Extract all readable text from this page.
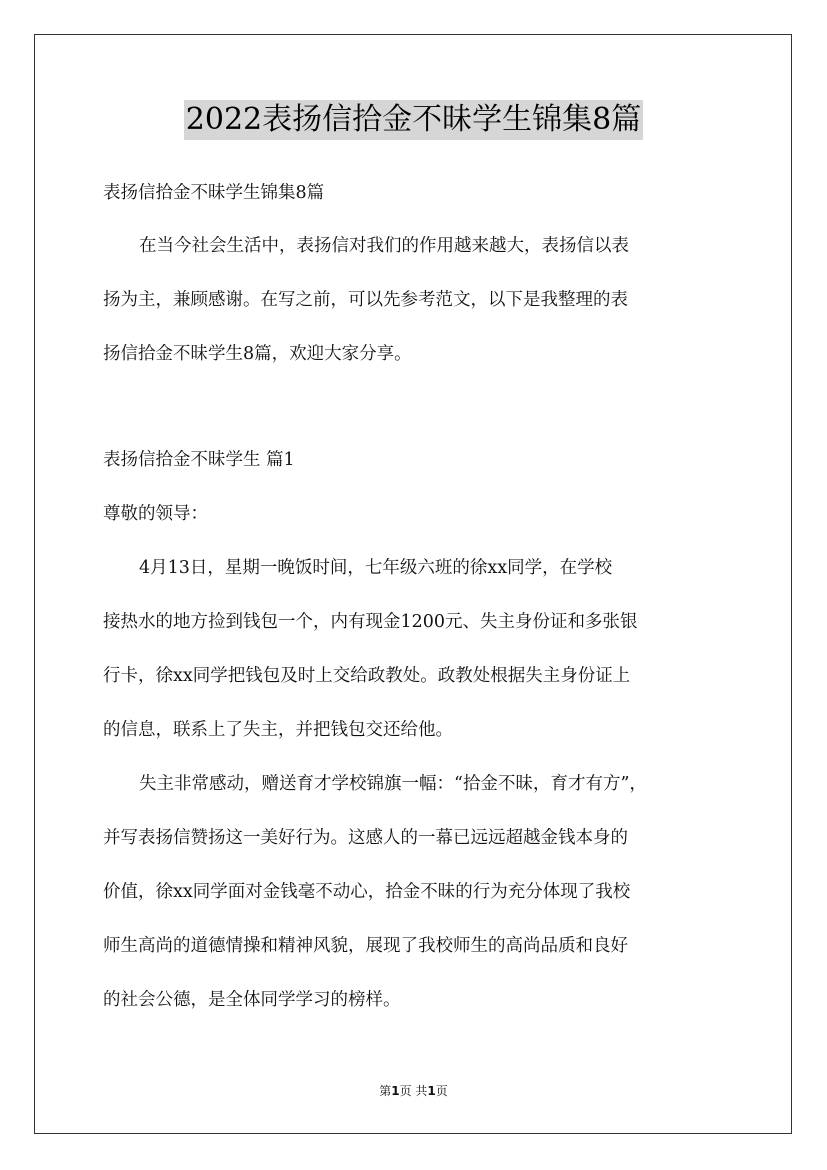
2022表扬信拾金不昧学生锦集8篇
表扬信拾金不昧学生锦集8篇
在当今社会生活中，表扬信对我们的作用越来越大，表扬信以表
扬为主，兼顾感谢。在写之前，可以先参考范文，以下是我整理的表
扬信拾金不昧学生8篇，欢迎大家分享。
表扬信拾金不昧学生 篇1
尊敬的领导：
4月13日，星期一晚饭时间，七年级六班的徐xx同学，在学校
接热水的地方捡到钱包一个，内有现金1200元、失主身份证和多张银
行卡，徐xx同学把钱包及时上交给政教处。政教处根据失主身份证上
的信息，联系上了失主，并把钱包交还给他。
失主非常感动，赠送育才学校锦旗一幅：“拾金不昧，育才有方”，
并写表扬信赞扬这一美好行为。这感人的一幕已远远超越金钱本身的
价值，徐xx同学面对金钱毫不动心，拾金不昧的行为充分体现了我校
师生高尚的道德情操和精神风貌，展现了我校师生的高尚品质和良好
的社会公德，是全体同学学习的榜样。
第1页 共1页
